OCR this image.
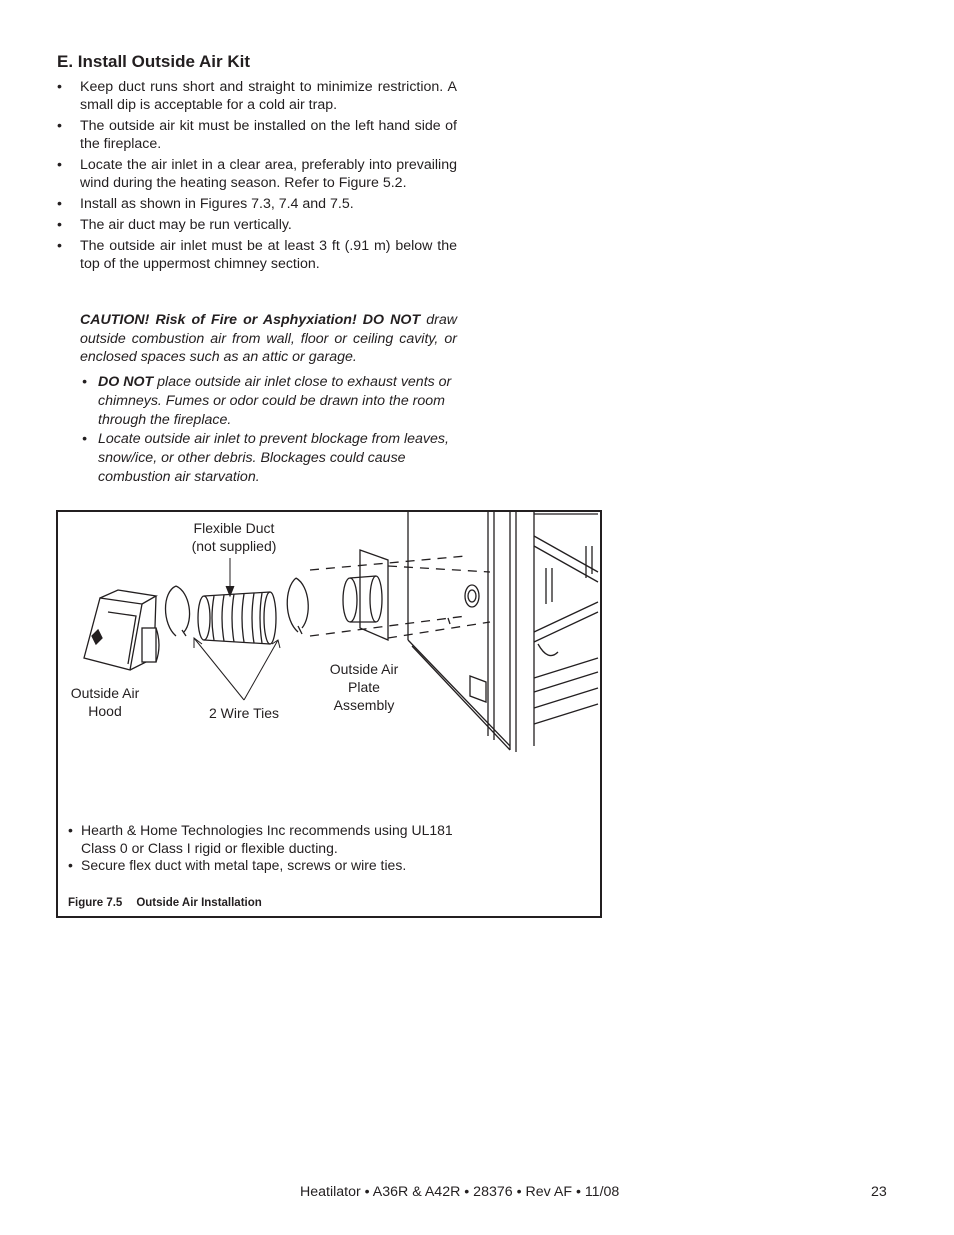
E. Install Outside Air Kit
• Keep duct runs short and straight to minimize restriction. A small dip is acceptable for a cold air trap.
• The outside air kit must be installed on the left hand side of the fireplace.
• Locate the air inlet in a clear area, preferably into prevailing wind during the heating season. Refer to Figure 5.2.
• Install as shown in Figures 7.3, 7.4 and 7.5.
• The air duct may be run vertically.
• The outside air inlet must be at least 3 ft (.91 m) below the top of the uppermost chimney section.

CAUTION! Risk of Fire or Asphyxiation! DO NOT draw outside combustion air from wall, floor or ceiling cavity, or enclosed spaces such as an attic or garage.

• DO NOT place outside air inlet close to exhaust vents or chimneys. Fumes or odor could be drawn into the room through the fireplace.
• Locate outside air inlet to prevent blockage from leaves, snow/ice, or other debris. Blockages could cause combustion air starvation.
Flexible Duct
(not supplied)
Outside Air
Hood	2 Wire Ties
Outside Air
Plate
Assembly
• Hearth & Home Technologies Inc recommends using UL181 Class 0 or Class I rigid or flexible ducting.
• Secure flex duct with metal tape, screws or wire ties.
Figure 7.5 Outside Air Installation
Heatilator • A36R & A42R • 28376 • Rev AF • 11/08	23
